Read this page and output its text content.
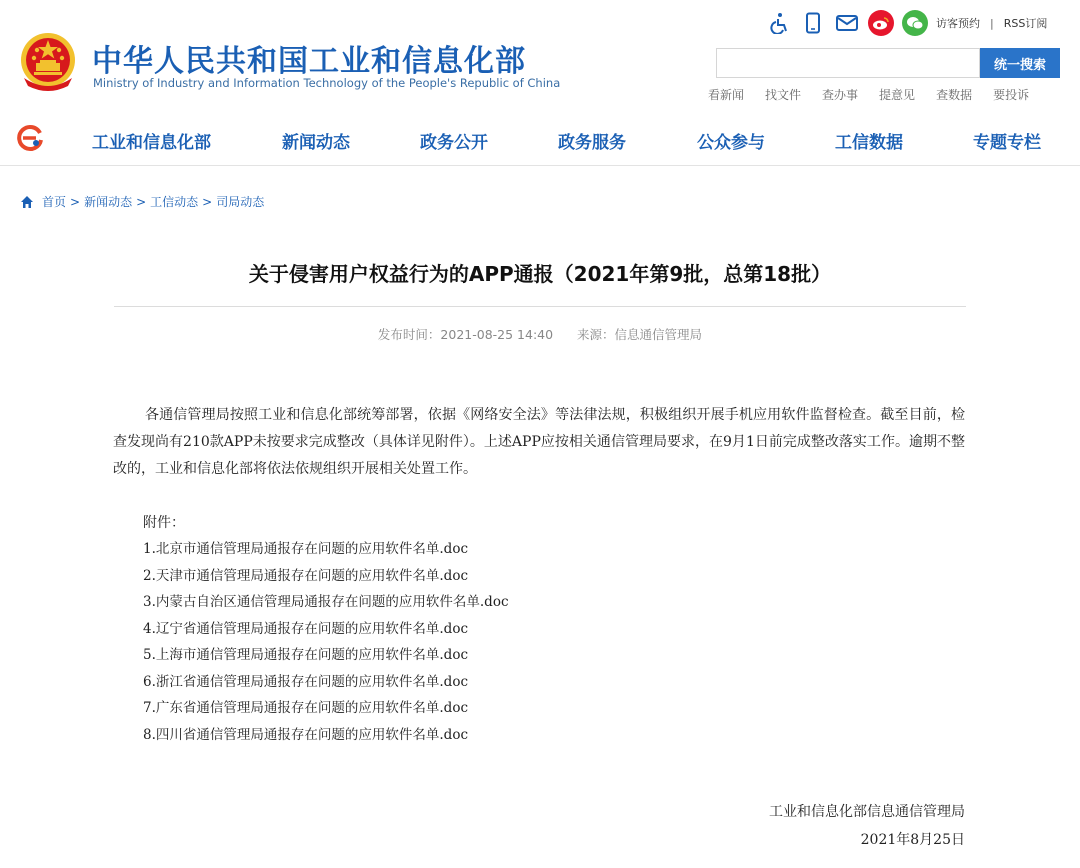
中华人民共和国工业和信息化部
Ministry of Industry and Information Technology of the People's Republic of China
访客预约 | RSS订阅
统一搜索
看新闻 找文件 查办事 提意见 查数据 要投诉
工业和信息化部	新闻动态	政务公开	政务服务	公众参与	工信数据	专题专栏
首页 > 新闻动态 > 工信动态 > 司局动态
关于侵害用户权益行为的APP通报（2021年第9批，总第18批）
发布时间：2021-08-25 14:40 来源：信息通信管理局

各通信管理局按照工业和信息化部统筹部署，依据《网络安全法》等法律法规，积极组织开展手机应用软件监督检查。截至目前，检查发现尚有210款APP未按要求完成整改（具体详见附件）。上述APP应按相关通信管理局要求，在9月1日前完成整改落实工作。逾期不整改的，工业和信息化部将依法依规组织开展相关处置工作。

附件：
1.北京市通信管理局通报存在问题的应用软件名单.doc
2.天津市通信管理局通报存在问题的应用软件名单.doc
3.内蒙古自治区通信管理局通报存在问题的应用软件名单.doc
4.辽宁省通信管理局通报存在问题的应用软件名单.doc
5.上海市通信管理局通报存在问题的应用软件名单.doc
6.浙江省通信管理局通报存在问题的应用软件名单.doc
7.广东省通信管理局通报存在问题的应用软件名单.doc
8.四川省通信管理局通报存在问题的应用软件名单.doc
工业和信息化部信息通信管理局
2021年8月25日
